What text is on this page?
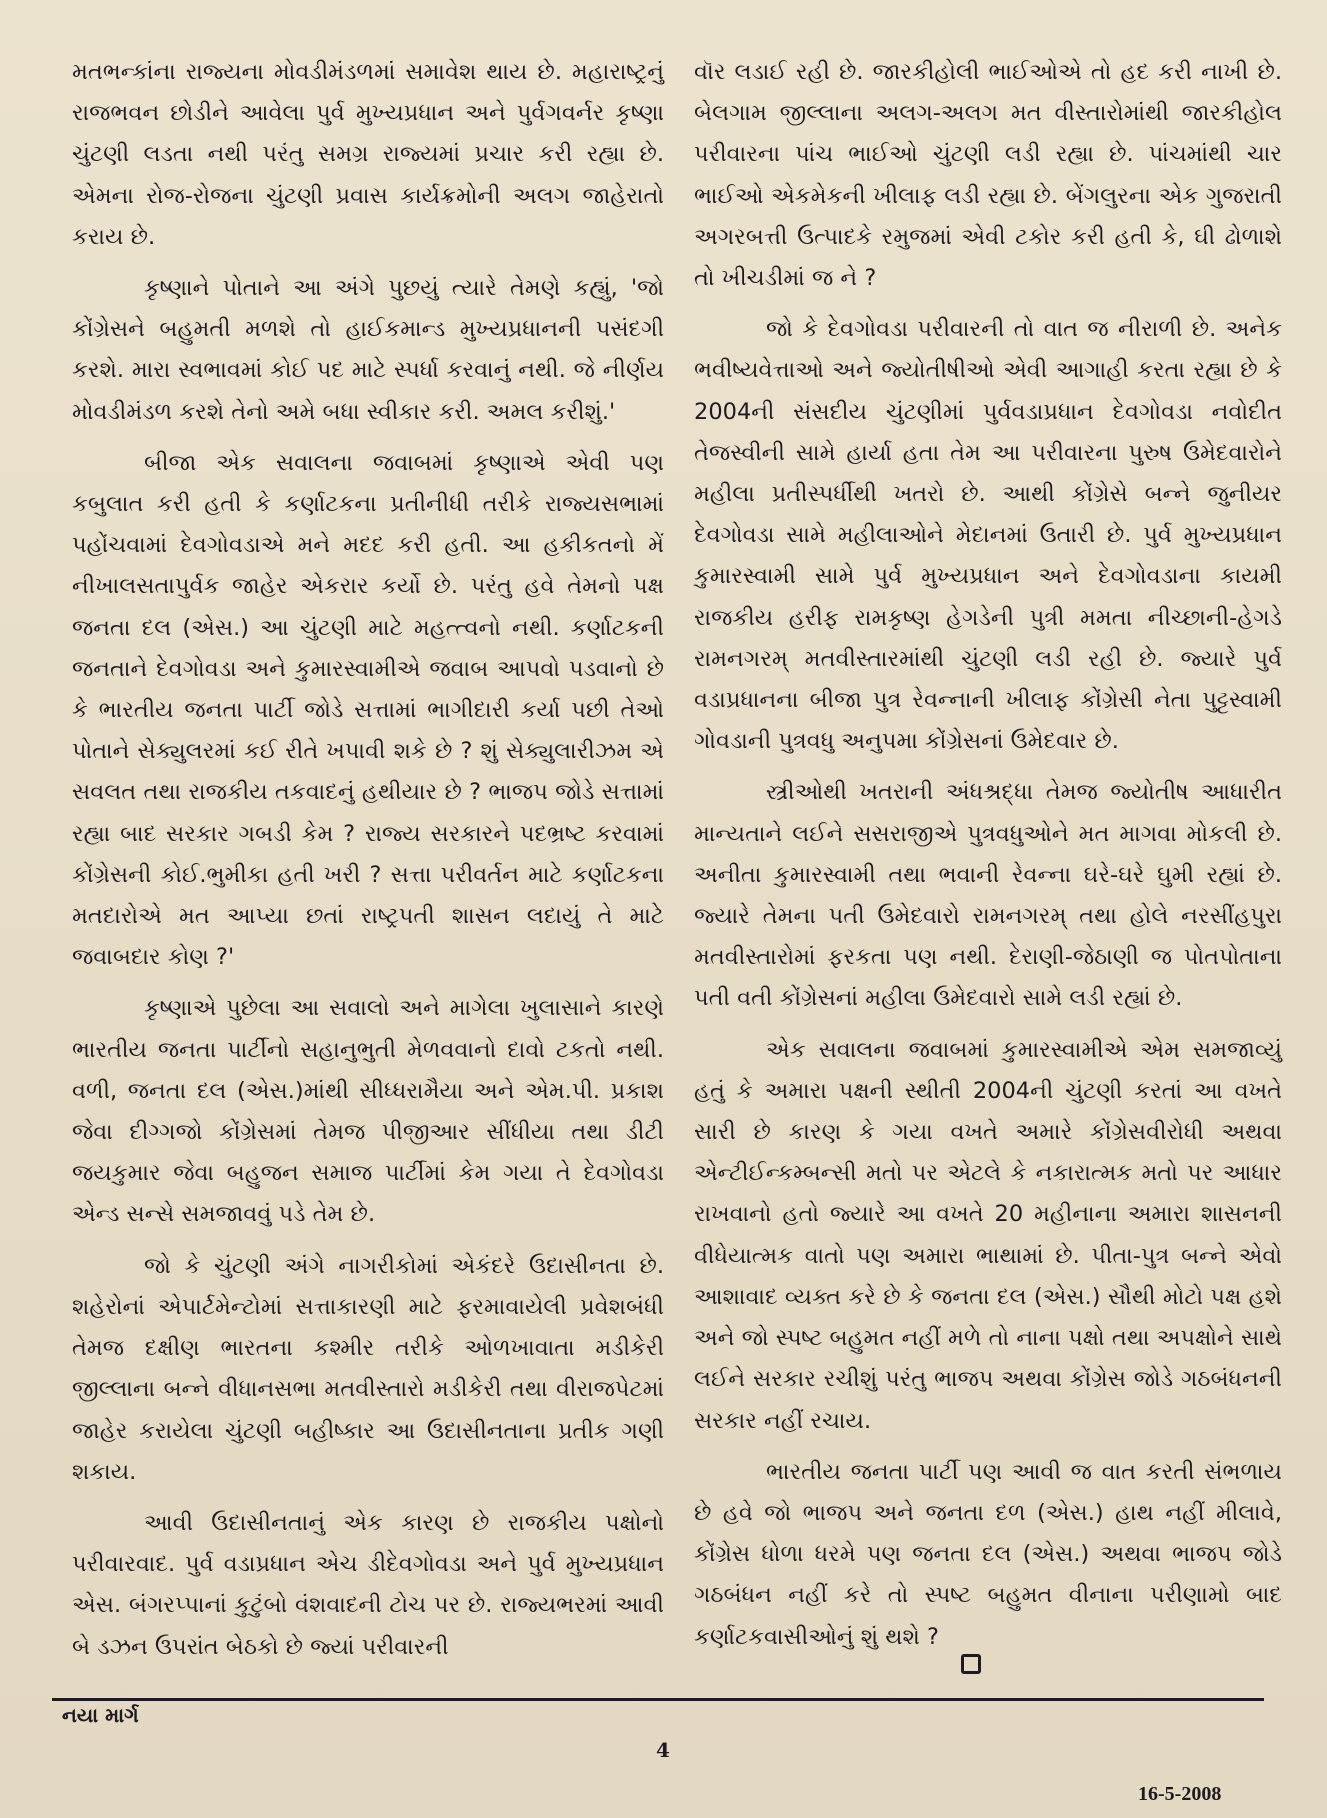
મતભન્કાંના રાજ્યના મોવડીમંડળમાં સમાવેશ થાય છે. મહારાષ્ટ્રનું રાજભવન છોડીને આવેલા પુર્વ મુખ્યપ્રધાન અને પુર્વગવર્નર કૃષ્ણા ચુંટણી લડતા નથી પરંતુ સમગ્ર રાજ્યમાં પ્રચાર કરી રહ્યા છે. એમના રોજ-રોજના ચુંટણી પ્રવાસ કાર્યક્રમોની અલગ જાહેરાતો કરાય છે.

કૃષ્ણાને પોતાને આ અંગે પુછયું ત્યારે તેમણે કહ્યું, 'જો કોંગ્રેસને બહુમતી મળશે તો હાઈકમાન્ડ મુખ્યપ્રધાનની પસંદગી કરશે. મારા સ્વભાવમાં કોઈ પદ માટે સ્પર્ધા કરવાનું નથી. જે નીર્ણય મોવડીમંડળ કરશે તેનો અમે બધા સ્વીકાર કરી. અમલ કરીશું.'

બીજા એક સવાલના જવાબમાં કૃષ્ણાએ એવી પણ કબુલાત કરી હતી કે કર્ણાટકના પ્રતીનીધી તરીકે રાજ્યસભામાં પહોંચવામાં દેવગોવડાએ મને મદદ કરી હતી. આ હકીકતનો મેં નીખાલસતાપુર્વક જાહેર એકરાર કર્યો છે. પરંતુ હવે તેમનો પક્ષ જનતા દલ (એસ.) આ ચુંટણી માટે મહત્ત્વનો નથી. કર્ણાટકની જનતાને દેવગોવડા અને કુમારસ્વામીએ જવાબ આપવો પડવાનો છે કે ભારતીય જનતા પાર્ટી જોડે સત્તામાં ભાગીદારી કર્યા પછી તેઓ પોતાને સેક્યુલરમાં કઈ રીતે ખપાવી શકે છે ? શું સેક્યુલારીઝમ એ સવલત તથા રાજકીય તકવાદનું હથીયાર છે ? ભાજપ જોડે સત્તામાં રહ્યા બાદ સરકાર ગબડી કેમ ? રાજ્ય સરકારને પદભ્રષ્ટ કરવામાં કોંગ્રેસની કોઈ.ભુમીકા હતી ખરી ? સત્તા પરીવર્તન માટે કર્ણાટકના મતદારોએ મત આપ્યા છતાં રાષ્ટ્રપતી શાસન લદાયું તે માટે જવાબદાર કોણ ?'

કૃષ્ણાએ પુછેલા આ સવાલો અને માગેલા ખુલાસાને કારણે ભારતીય જનતા પાર્ટીનો સહાનુભુતી મેળવવાનો દાવો ટકતો નથી. વળી, જનતા દલ (એસ.)માંથી સીધ્ધરામૈયા અને એમ.પી. પ્રકાશ જેવા દીગ્ગજો કોંગ્રેસમાં તેમજ પીજીઆર સીંધીયા તથા ડીટી જયકુમાર જેવા બહુજન સમાજ પાર્ટીમાં કેમ ગયા તે દેવગોવડા એન્ડ સન્સે સમજાવવું પડે તેમ છે.

જો કે ચુંટણી અંગે નાગરીકોમાં એકંદરે ઉદાસીનતા છે. શહેરોનાં એપાર્ટમેન્ટોમાં સત્તાકારણી માટે ફરમાવાયેલી પ્રવેશબંધી તેમજ દક્ષીણ ભારતના કશ્મીર તરીકે ઓળખાવાતા મડીકેરી જીલ્લાના બન્ને વીધાનસભા મતવીસ્તારો મડીકેરી તથા વીરાજપેટમાં જાહેર કરાયેલા ચુંટણી બહીષ્કાર આ ઉદાસીનતાના પ્રતીક ગણી શકાય.

આવી ઉદાસીનતાનું એક કારણ છે રાજકીય પક્ષોનો પરીવારવાદ. પુર્વ વડાપ્રધાન એચ ડીદેવગોવડા અને પુર્વ મુખ્યપ્રધાન એસ. બંગરપ્પાનાં કુટુંબો વંશવાદની ટોચ પર છે. રાજ્યભરમાં આવી બે ડઝન ઉપરાંત બેઠકો છે જ્યાં પરીવારની

વૉર લડાઈ રહી છે. જારકીહોલી ભાઈઓએ તો હદ કરી નાખી છે. બેલગામ જીલ્લાના અલગ-અલગ મત વીસ્તારોમાંથી જારકીહોલ પરીવારના પાંચ ભાઈઓ ચુંટણી લડી રહ્યા છે. પાંચમાંથી ચાર ભાઈઓ એકમેકની ખીલાફ લડી રહ્યા છે. બેંગલુરના એક ગુજરાતી અગરબત્તી ઉત્પાદકે રમુજમાં એવી ટકોર કરી હતી કે, ઘી ઢોળાશે તો ખીચડીમાં જ ને ?

જો કે દેવગોવડા પરીવારની તો વાત જ નીરાળી છે. અનેક ભવીષ્યવેત્તાઓ અને જ્યોતીષીઓ એવી આગાહી કરતા રહ્યા છે કે 2004ની સંસદીય ચુંટણીમાં પુર્વવડાપ્રધાન દેવગોવડા નવોદીત તેજસ્વીની સામે હાર્યા હતા તેમ આ પરીવારના પુરુષ ઉમેદવારોને મહીલા પ્રતીસ્પર્ધીથી ખતરો છે. આથી કોંગ્રેસે બન્ને જુનીયર દેવગોવડા સામે મહીલાઓને મેદાનમાં ઉતારી છે. પુર્વ મુખ્યપ્રધાન કુમારસ્વામી સામે પુર્વ મુખ્યપ્રધાન અને દેવગોવડાના કાયમી રાજકીય હરીફ રામકૃષ્ણ હેગડેની પુત્રી મમતા નીચ્છાની-હેગડે રામનગરમ્ મતવીસ્તારમાંથી ચુંટણી લડી રહી છે. જ્યારે પુર્વ વડાપ્રધાનના બીજા પુત્ર રેવન્નાની ખીલાફ કોંગ્રેસી નેતા પુટ્ટસ્વામી ગોવડાની પુત્રવધુ અનુપમા કોંગ્રેસનાં ઉમેદવાર છે.

સ્ત્રીઓથી ખતરાની અંધશ્રદ્ધા તેમજ જ્યોતીષ આધારીત માન્યતાને લઈને સસરાજીએ પુત્રવધુઓને મત માગવા મોકલી છે. અનીતા કુમારસ્વામી તથા ભવાની રેવન્ના ઘરે-ઘરે ઘુમી રહ્યાં છે. જ્યારે તેમના પતી ઉમેદવારો રામનગરમ્ તથા હોલે નરસીંહપુરા મતવીસ્તારોમાં ફરકતા પણ નથી. દેરાણી-જેઠાણી જ પોતપોતાના પતી વતી કોંગ્રેસનાં મહીલા ઉમેદવારો સામે લડી રહ્યાં છે.

એક સવાલના જવાબમાં કુમારસ્વામીએ એમ સમજાવ્યું હતું કે અમારા પક્ષની સ્થીતી 2004ની ચુંટણી કરતાં આ વખતે સારી છે કારણ કે ગયા વખતે અમારે કોંગ્રેસવીરોધી અથવા એન્ટીઈન્કમ્બન્સી મતો પર એટલે કે નકારાત્મક મતો પર આધાર રાખવાનો હતો જ્યારે આ વખતે 20 મહીનાના અમારા શાસનની વીધેયાત્મક વાતો પણ અમારા ભાથામાં છે. પીતા-પુત્ર બન્ને એવો આશાવાદ વ્યક્ત કરે છે કે જનતા દલ (એસ.) સૌથી મોટો પક્ષ હશે અને જો સ્પષ્ટ બહુમત નહીં મળે તો નાના પક્ષો તથા અપક્ષોને સાથે લઈને સરકાર રચીશું પરંતુ ભાજપ અથવા કોંગ્રેસ જોડે ગઠબંધનની સરકાર નહીં રચાય.

ભારતીય જનતા પાર્ટી પણ આવી જ વાત કરતી સંભળાય છે હવે જો ભાજપ અને જનતા દળ (એસ.) હાથ નહીં મીલાવે, કોંગ્રેસ ધોળા ધરમે પણ જનતા દલ (એસ.) અથવા ભાજપ જોડે ગઠબંધન નહીં કરે તો સ્પષ્ટ બહુમત વીનાના પરીણામો બાદ કર્ણાટકવાસીઓનું શું થશે ?

નયા માર્ગ
4
16-5-2008
